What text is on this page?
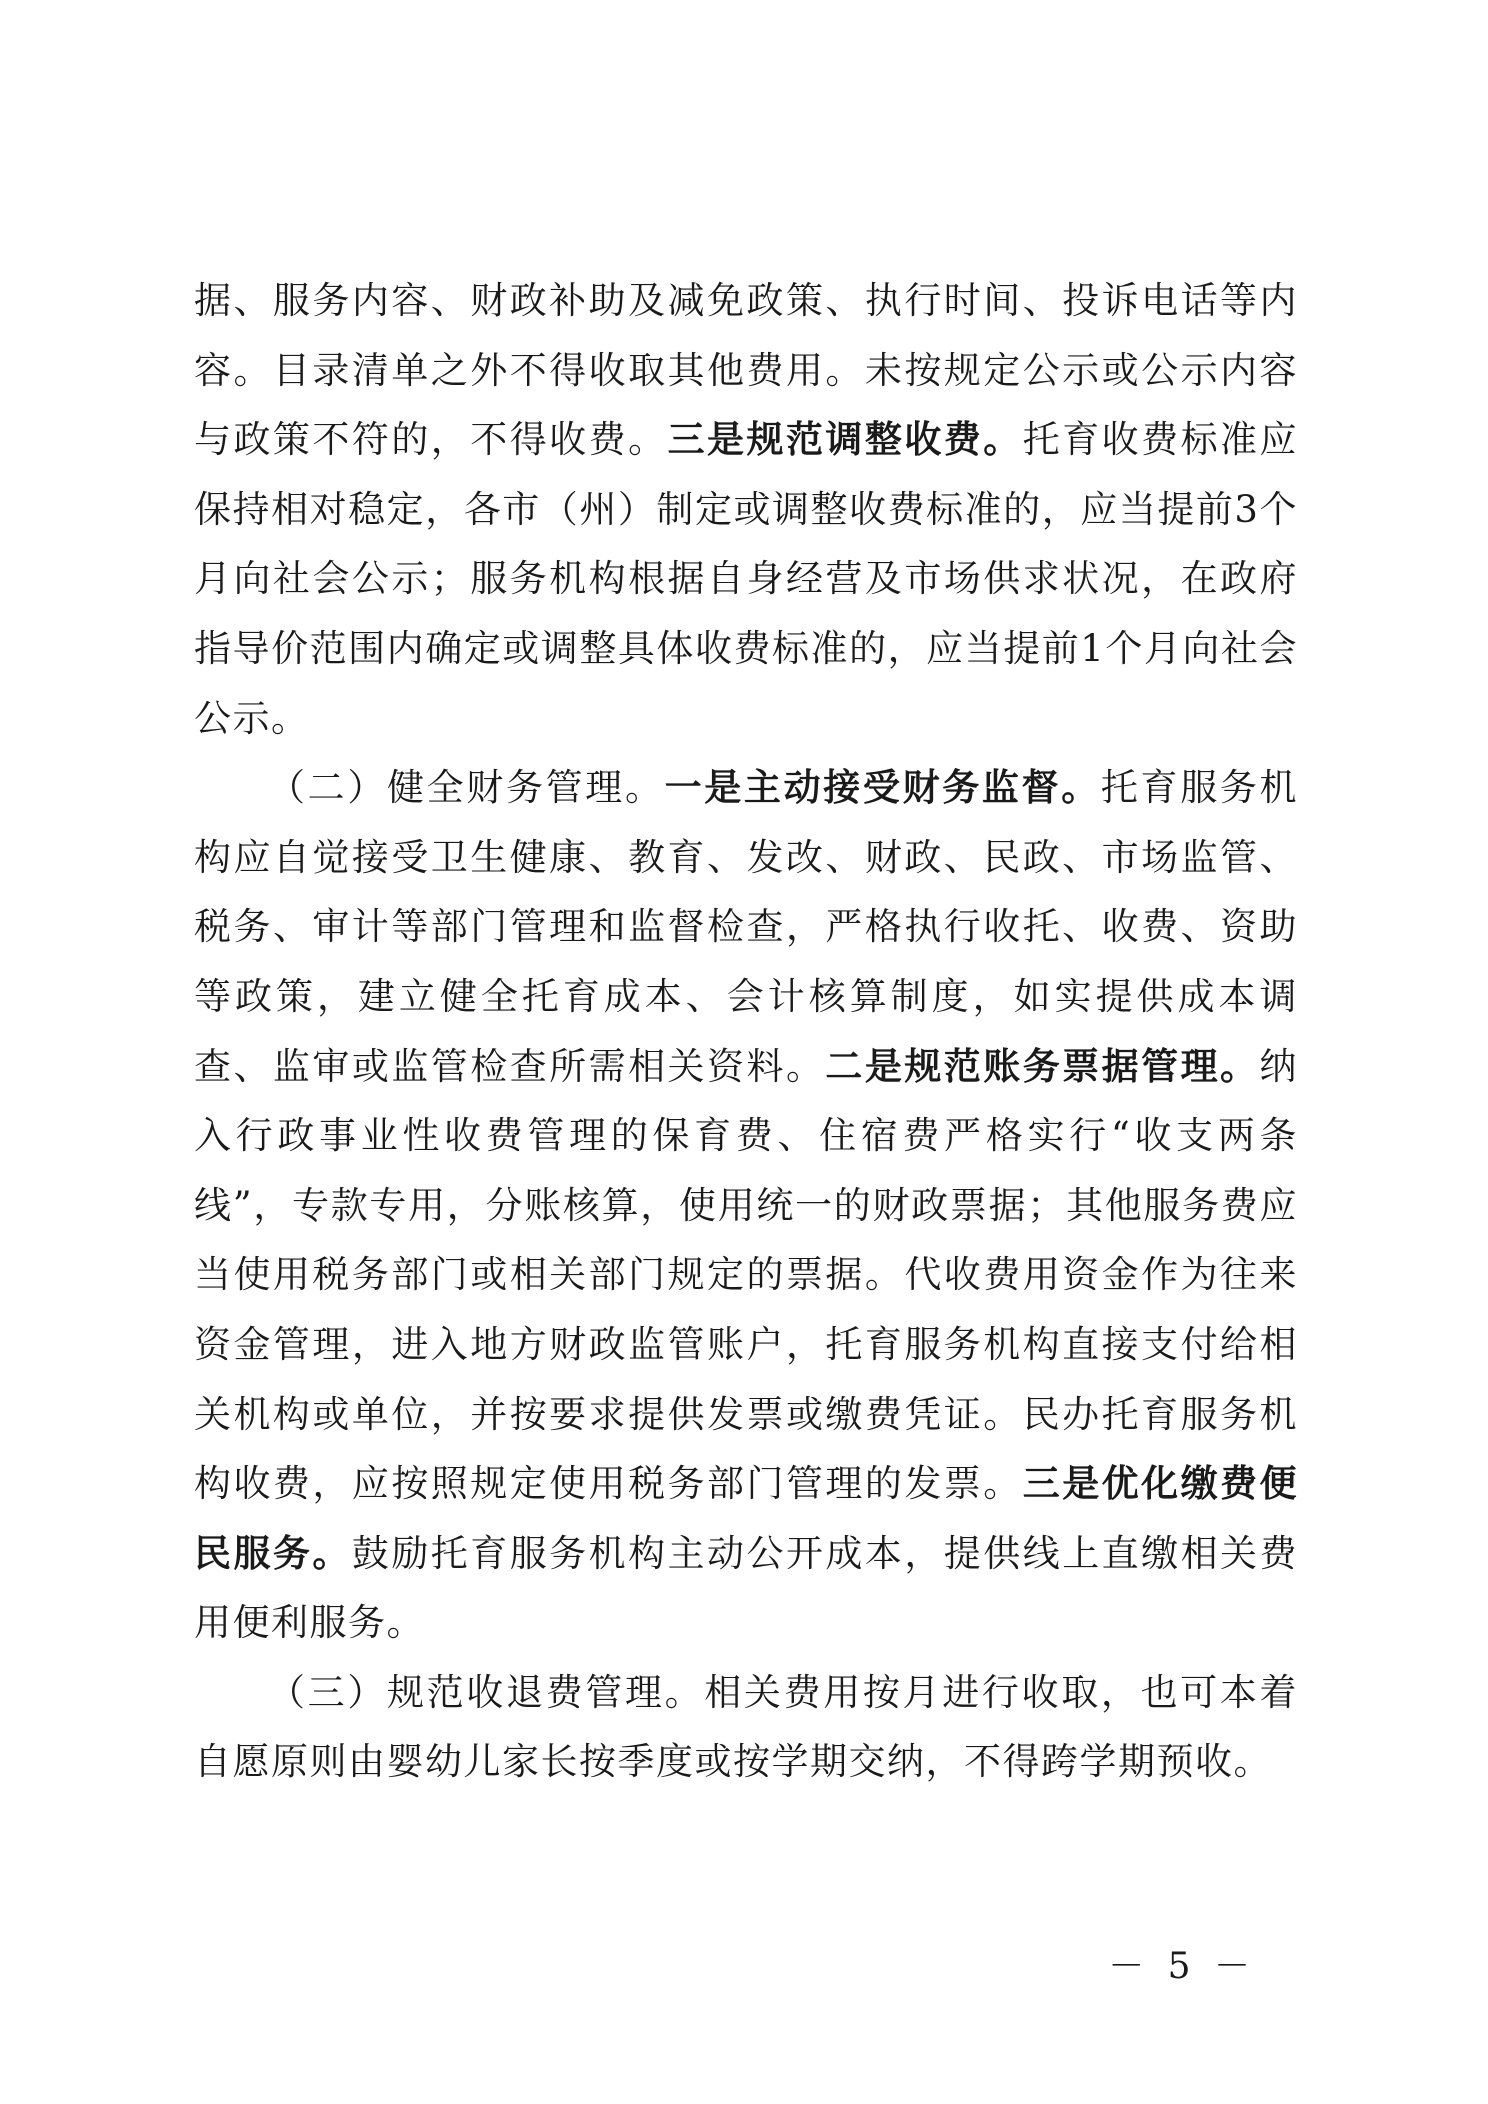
据、服务内容、财政补助及减免政策、执行时间、投诉电话等内容。目录清单之外不得收取其他费用。未按规定公示或公示内容与政策不符的，不得收费。三是规范调整收费。托育收费标准应保持相对稳定，各市（州）制定或调整收费标准的，应当提前3个月向社会公示；服务机构根据自身经营及市场供求状况，在政府指导价范围内确定或调整具体收费标准的，应当提前1个月向社会公示。

（二）健全财务管理。一是主动接受财务监督。托育服务机构应自觉接受卫生健康、教育、发改、财政、民政、市场监管、税务、审计等部门管理和监督检查，严格执行收托、收费、资助等政策，建立健全托育成本、会计核算制度，如实提供成本调查、监审或监管检查所需相关资料。二是规范账务票据管理。纳入行政事业性收费管理的保育费、住宿费严格实行“收支两条线”，专款专用，分账核算，使用统一的财政票据；其他服务费应当使用税务部门或相关部门规定的票据。代收费用资金作为往来资金管理，进入地方财政监管账户，托育服务机构直接支付给相关机构或单位，并按要求提供发票或缴费凭证。民办托育服务机构收费，应按照规定使用税务部门管理的发票。三是优化缴费便民服务。鼓励托育服务机构主动公开成本，提供线上直缴相关费用便利服务。

（三）规范收退费管理。相关费用按月进行收取，也可本着自愿原则由婴幼儿家长按季度或按学期交纳，不得跨学期预收。

－ 5 －
